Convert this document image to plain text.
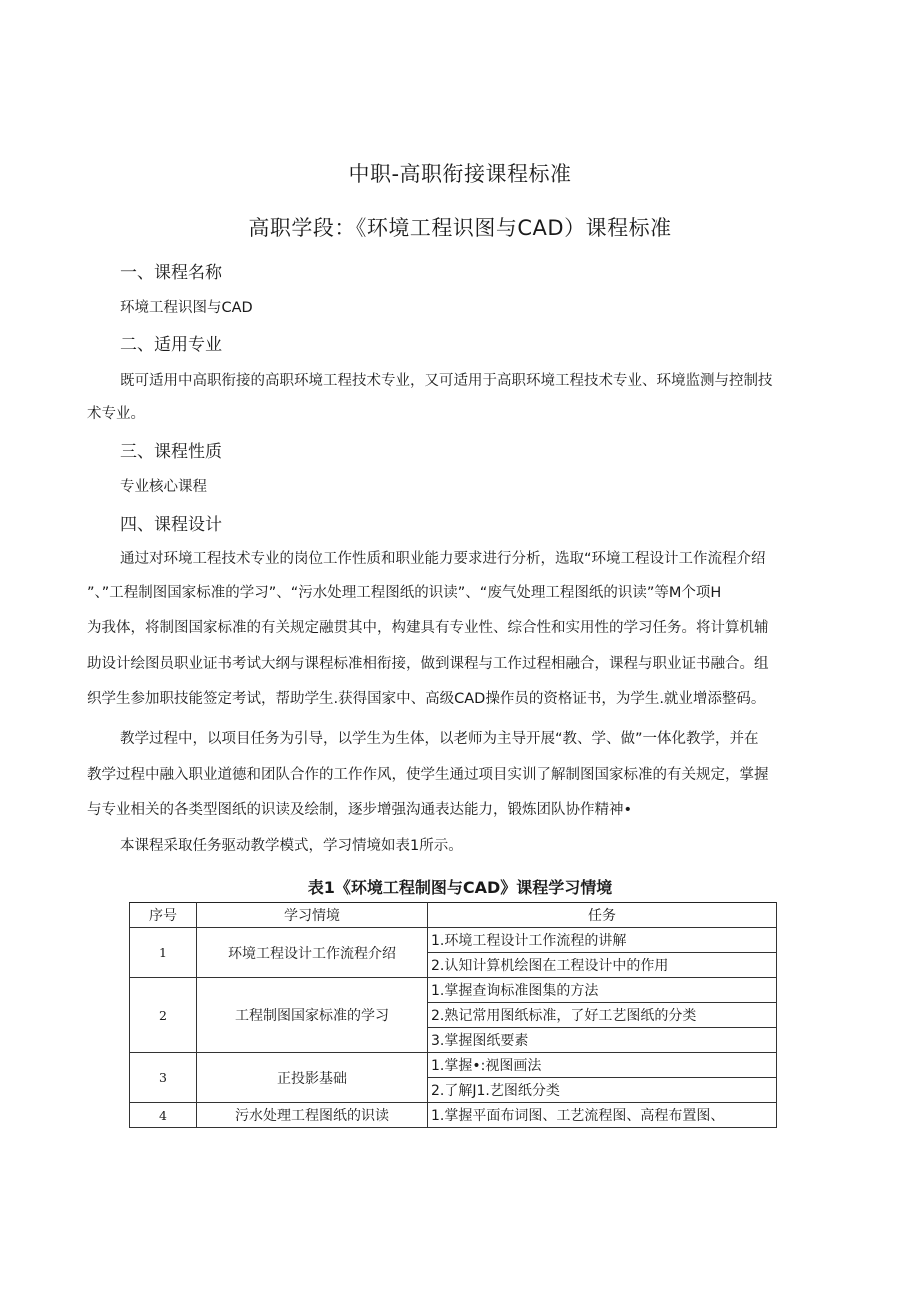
中职-高职衔接课程标准
高职学段：《环境工程识图与CAD）课程标准
一、课程名称
环境工程识图与CAD
二、适用专业
既可适用中高职衔接的高职环境工程技术专业，又可适用于高职环境工程技术专业、环境监测与控制技
术专业。
三、课程性质
专业核心课程
四、课程设计
通过对环境工程技术专业的岗位工作性质和职业能力要求进行分析，选取“环境工程设计工作流程介绍
”、”工程制图国家标准的学习”、“污水处理工程图纸的识读”、“废气处理工程图纸的识读”等M个项H
为我体，将制图国家标准的有关规定融贯其中，构建具有专业性、综合性和实用性的学习任务。将计算机辅
助设计绘图员职业证书考试大纲与课程标准相衔接，做到课程与工作过程相融合，课程与职业证书融合。组
织学生参加职技能签定考试，帮助学生.获得国家中、高级CAD操作员的资格证书，为学生.就业增添整码。
教学过程中，以项目任务为引导，以学生为生体，以老师为主导开展“教、学、做”一体化教学，并在
教学过程中融入职业道德和团队合作的工作作风，使学生通过项目实训了解制图国家标准的有关规定，掌握
与专业相关的各类型图纸的识读及绘制，逐步增强沟通表达能力，锻炼团队协作精神•
本课程采取任务驱动教学模式，学习情境如表1所示。
表1《环境工程制图与CAD》课程学习情境
序号	学习情境	任务
1	环境工程设计工作流程介绍	1.环境工程设计工作流程的讲解
		2.认知计算机绘图在工程设计中的作用
2	工程制图国家标准的学习	1.掌握查询标准图集的方法
		2.熟记常用图纸标准，了好工艺图纸的分类
		3.掌握图纸要素
3	正投影基础	1.掌握•:视图画法
		2.了解J1.艺图纸分类
4	污水处理工程图纸的识读	1.掌握平面布词图、工艺流程图、高程布置图、
